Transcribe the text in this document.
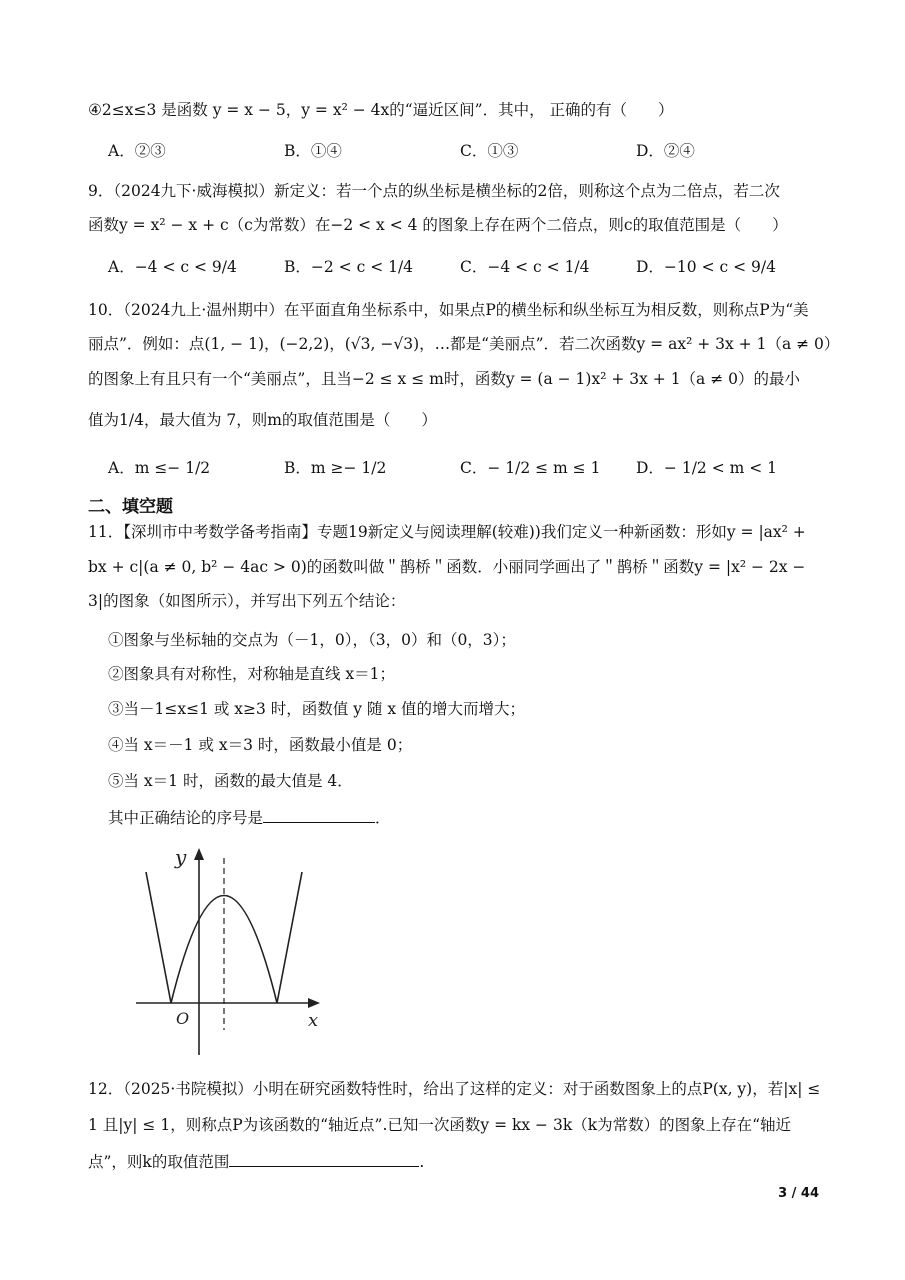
④2≤x≤3 是函数 y = x − 5，y = x² − 4x的“逼近区间”．其中， 正确的有（　　）
A．②③	B．①④	C．①③	D．②④
9．（2024九下·威海模拟）新定义：若一个点的纵坐标是横坐标的2倍，则称这个点为二倍点，若二次
函数y = x² − x + c（c为常数）在−2 < x < 4 的图象上存在两个二倍点，则c的取值范围是（　　）
A．−4 < c < 9/4	B．−2 < c < 1/4	C．−4 < c < 1/4	D．−10 < c < 9/4
10．（2024九上·温州期中）在平面直角坐标系中，如果点P的横坐标和纵坐标互为相反数，则称点P为“美
丽点”．例如：点(1, − 1)，(−2,2)，(√3, −√3)，…都是“美丽点”．若二次函数y = ax² + 3x + 1（a ≠ 0）
的图象上有且只有一个“美丽点”，且当−2 ≤ x ≤ m时，函数y = (a − 1)x² + 3x + 1（a ≠ 0）的最小
值为1/4，最大值为 7，则m的取值范围是（　　）
A．m ≤− 1/2	B．m ≥− 1/2	C．− 1/2 ≤ m ≤ 1 D．− 1/2 < m < 1
二、填空题
11．【深圳市中考数学备考指南】专题19新定义与阅读理解(较难))我们定义一种新函数：形如y = |ax² +
bx + c|(a ≠ 0, b² − 4ac > 0)的函数叫做＂鹊桥＂函数．小丽同学画出了＂鹊桥＂函数y = |x² − 2x −
3|的图象（如图所示），并写出下列五个结论：
①图象与坐标轴的交点为（－1，0），（3，0）和（0，3）；
②图象具有对称性，对称轴是直线 x＝1；
③当－1≤x≤1 或 x≥3 时，函数值 y 随 x 值的增大而增大；
④当 x＝－1 或 x＝3 时，函数最小值是 0；
⑤当 x＝1 时，函数的最大值是 4．
其中正确结论的序号是	．
y
x
O
12．（2025·书院模拟）小明在研究函数特性时，给出了这样的定义：对于函数图象上的点P(x, y)，若|x| ≤
1 且|y| ≤ 1，则称点P为该函数的“轴近点”.已知一次函数y = kx − 3k（k为常数）的图象上存在“轴近
点”，则k的取值范围	.
3 / 44
